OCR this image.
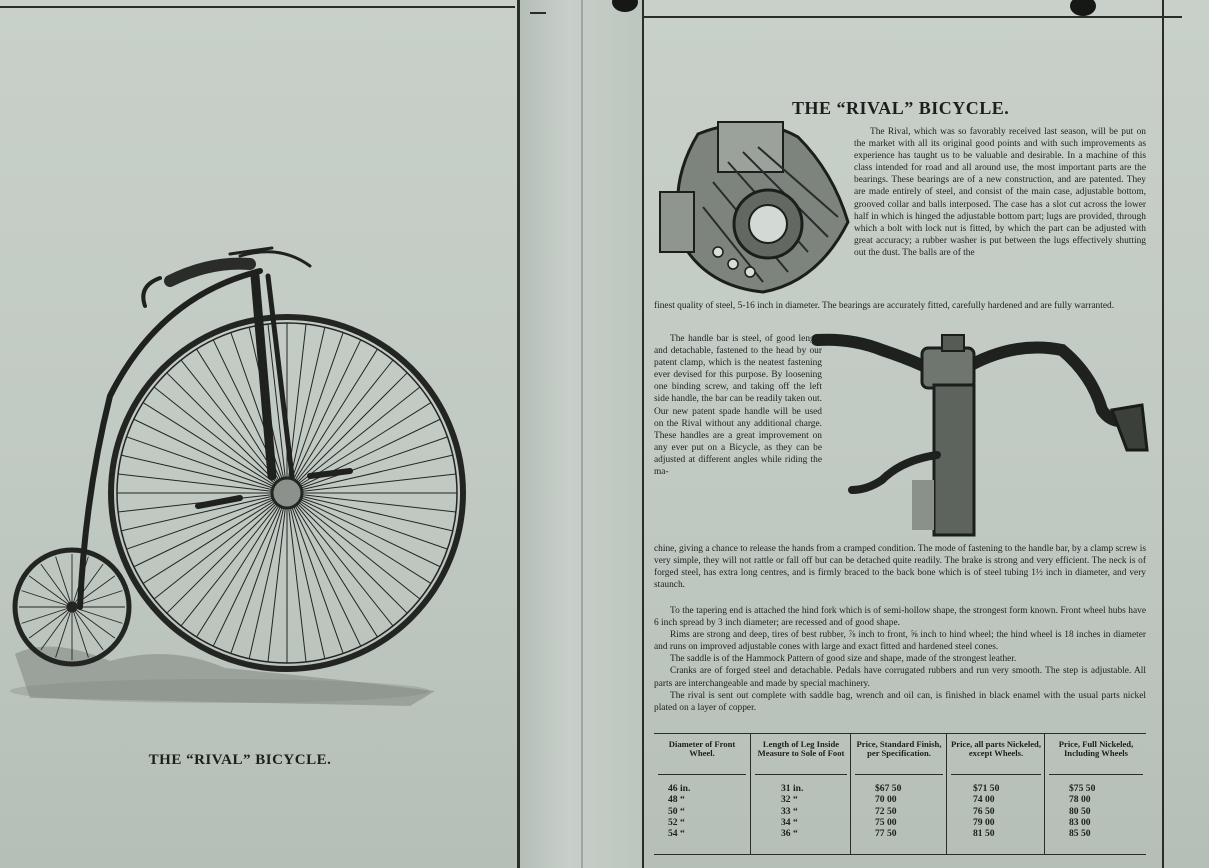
THE “RIVAL” BICYCLE.
THE “RIVAL” BICYCLE.

The Rival, which was so favorably received last season, will be put on the market with all its original good points and with such improvements as experience has taught us to be valuable and desirable. In a machine of this class intended for road and all around use, the most important parts are the bearings. These bearings are of a new construction, and are patented. They are made entirely of steel, and consist of the main case, adjustable bottom, grooved collar and balls interposed. The case has a slot cut across the lower half in which is hinged the adjustable bottom part; lugs are provided, through which a bolt with lock nut is fitted, by which the part can be adjusted with great accuracy; a rubber washer is put between the lugs effectively shutting out the dust. The balls are of the

finest quality of steel, 5-16 inch in diameter. The bearings are accurately fitted, carefully hardened and are fully warranted.

The handle bar is steel, of good length and detachable, fastened to the head by our patent clamp, which is the neatest fastening ever devised for this purpose. By loosening one binding screw, and taking off the left side handle, the bar can be readily taken out. Our new patent spade handle will be used on the Rival without any additional charge. These handles are a great improvement on any ever put on a Bicycle, as they can be adjusted at different angles while riding the ma-

chine, giving a chance to release the hands from a cramped condition. The mode of fastening to the handle bar, by a clamp screw is very simple, they will not rattle or fall off but can be detached quite readily. The brake is strong and very efficient. The neck is of forged steel, has extra long centres, and is firmly braced to the back bone which is of steel tubing 1½ inch in diameter, and very staunch.

To the tapering end is attached the hind fork which is of semi-hollow shape, the strongest form known. Front wheel hubs have 6 inch spread by 3 inch diameter; are recessed and of good shape.

Rims are strong and deep, tires of best rubber, ⅞ inch to front, ⅝ inch to hind wheel; the hind wheel is 18 inches in diameter and runs on improved adjustable cones with large and exact fitted and hardened steel cones.

The saddle is of the Hammock Pattern of good size and shape, made of the strongest leather.

Cranks are of forged steel and detachable. Pedals have corrugated rubbers and run very smooth. The step is adjustable. All parts are interchangeable and made by special machinery.

The rival is sent out complete with saddle bag, wrench and oil can, is finished in black enamel with the usual parts nickel plated on a layer of copper.

Diameter of Front Wheel.
46 in.
48 “
50 “
52 “
54 “
Length of Leg Inside Measure to Sole of Foot
31 in.
32 “
33 “
34 “
36 “
Price, Standard Finish, per Specification.
$67 50
70 00
72 50
75 00
77 50
Price, all parts Nickeled, except Wheels.
$71 50
74 00
76 50
79 00
81 50
Price, Full Nickeled, Including Wheels
$75 50
78 00
80 50
83 00
85 50
